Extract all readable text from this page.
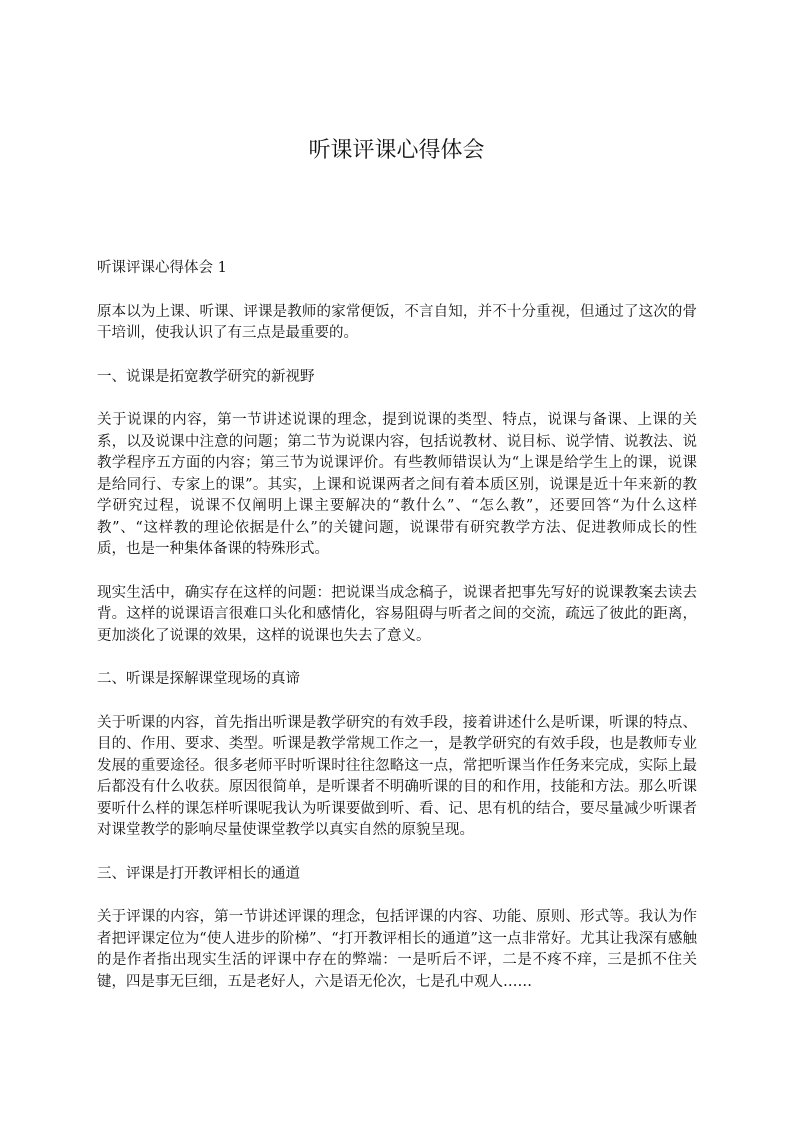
听课评课心得体会

听课评课心得体会 1

原本以为上课、听课、评课是教师的家常便饭，不言自知，并不十分重视，但通过了这次的骨干培训，使我认识了有三点是最重要的。

一、说课是拓宽教学研究的新视野

关于说课的内容，第一节讲述说课的理念，提到说课的类型、特点，说课与备课、上课的关系，以及说课中注意的问题；第二节为说课内容，包括说教材、说目标、说学情、说教法、说教学程序五方面的内容；第三节为说课评价。有些教师错误认为“上课是给学生上的课，说课是给同行、专家上的课”。其实，上课和说课两者之间有着本质区别，说课是近十年来新的教学研究过程，说课不仅阐明上课主要解决的“教什么”、“怎么教”，还要回答“为什么这样教”、“这样教的理论依据是什么”的关键问题，说课带有研究教学方法、促进教师成长的性质，也是一种集体备课的特殊形式。

现实生活中，确实存在这样的问题：把说课当成念稿子，说课者把事先写好的说课教案去读去背。这样的说课语言很难口头化和感情化，容易阻碍与听者之间的交流，疏远了彼此的距离，更加淡化了说课的效果，这样的说课也失去了意义。

二、听课是探解课堂现场的真谛

关于听课的内容，首先指出听课是教学研究的有效手段，接着讲述什么是听课，听课的特点、目的、作用、要求、类型。听课是教学常规工作之一，是教学研究的有效手段，也是教师专业发展的重要途径。很多老师平时听课时往往忽略这一点，常把听课当作任务来完成，实际上最后都没有什么收获。原因很简单，是听课者不明确听课的目的和作用，技能和方法。那么听课要听什么样的课怎样听课呢我认为听课要做到听、看、记、思有机的结合，要尽量减少听课者对课堂教学的影响尽量使课堂教学以真实自然的原貌呈现。

三、评课是打开教评相长的通道

关于评课的内容，第一节讲述评课的理念，包括评课的内容、功能、原则、形式等。我认为作者把评课定位为“使人进步的阶梯”、“打开教评相长的通道”这一点非常好。尤其让我深有感触的是作者指出现实生活的评课中存在的弊端：一是听后不评，二是不疼不痒，三是抓不住关键，四是事无巨细，五是老好人，六是语无伦次，七是孔中观人……
